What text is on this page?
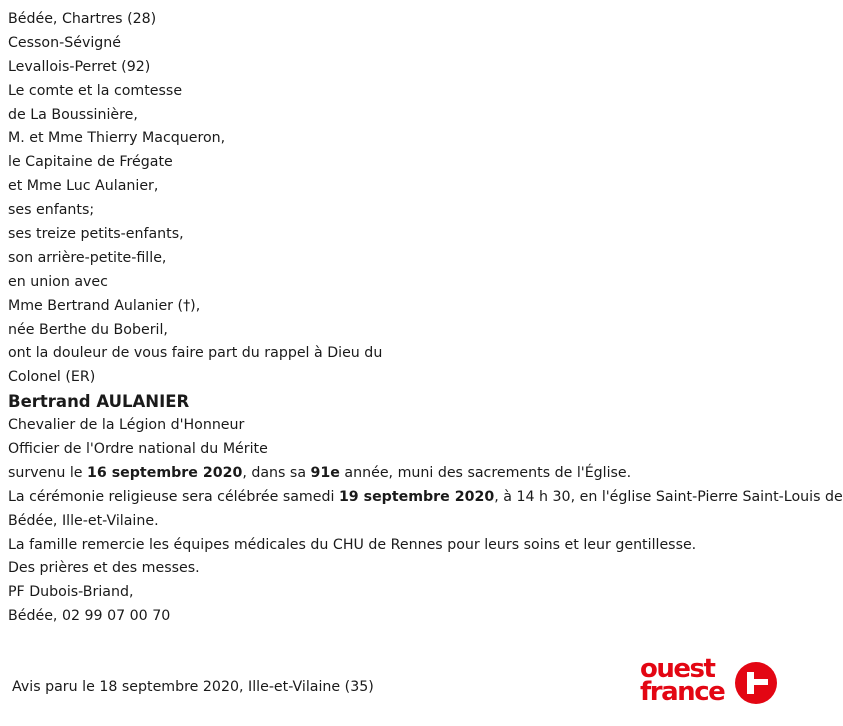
Bédée, Chartres (28)
Cesson-Sévigné
Levallois-Perret (92)
Le comte et la comtesse
de La Boussinière,
M. et Mme Thierry Macqueron,
le Capitaine de Frégate
et Mme Luc Aulanier,
ses enfants;
ses treize petits-enfants,
son arrière-petite-fille,
en union avec
Mme Bertrand Aulanier (†),
née Berthe du Boberil,
ont la douleur de vous faire part du rappel à Dieu du
Colonel (ER)
Bertrand AULANIER
Chevalier de la Légion d'Honneur
Officier de l'Ordre national du Mérite
survenu le 16 septembre 2020, dans sa 91e année, muni des sacrements de l'Église.
La cérémonie religieuse sera célébrée samedi 19 septembre 2020, à 14 h 30, en l'église Saint-Pierre Saint-Louis de
Bédée, Ille-et-Vilaine.
La famille remercie les équipes médicales du CHU de Rennes pour leurs soins et leur gentillesse.
Des prières et des messes.
PF Dubois-Briand,
Bédée, 02 99 07 00 70
Avis paru le 18 septembre 2020, Ille-et-Vilaine (35)
ouest
france
